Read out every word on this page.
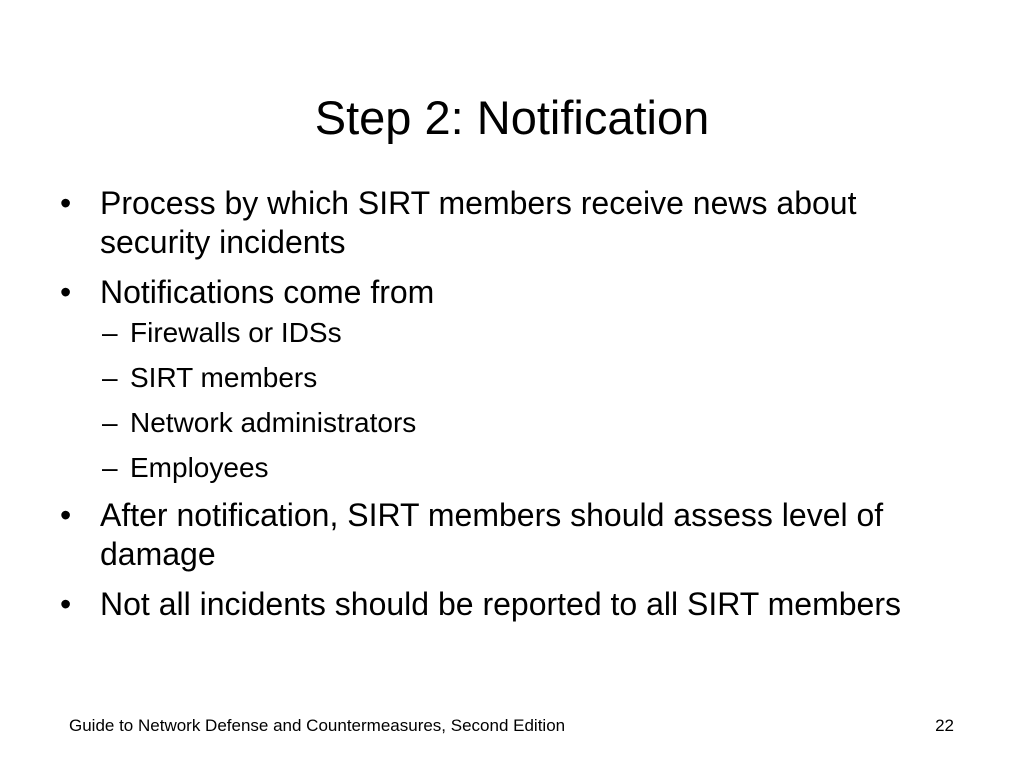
Step 2: Notification
• Process by which SIRT members receive news about security incidents
• Notifications come from
– Firewalls or IDSs
– SIRT members
– Network administrators
– Employees
• After notification, SIRT members should assess level of damage
• Not all incidents should be reported to all SIRT members
Guide to Network Defense and Countermeasures, Second Edition	22
